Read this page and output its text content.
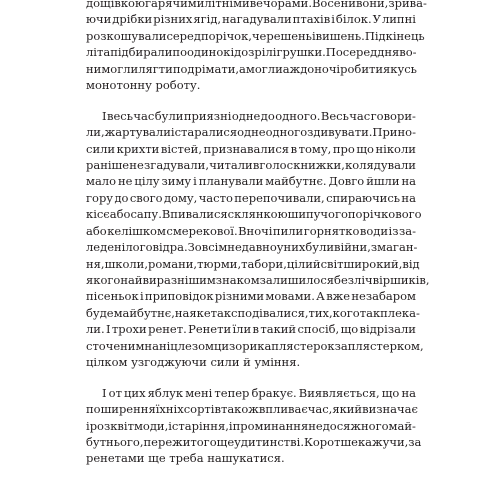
дощівкою гарячими літніми вечорами. Восени вони, зрива-
ючи дрібки різних ягід, нагадували птахів і білок. У липні
розкошували серед порічок, черешень і вишень. Під кінець
літа підбирали поодинокі дозрілі грушки. Посеред дня во-
ни могли лягти подрімати, а могли аж до ночі робити якусь
монотонну роботу.
І весь час були приязні одне до одного. Весь час говори-
ли, жартували і старалися одне одного здивувати. Прино-
сили крихти вістей, признавалися в тому, про що ніколи
раніше не згадували, читали вголос книжки, колядували
мало не цілу зиму і планували майбутнє. Довго йшли на
гору до свого дому, часто перепочивали, спираючись на
кісє або сапу. Впивалися склянкою шипучого порічкового
або келішком смерекової. Вночі пили горнятко води із за-
леденілого відра. Зовсім недавно у них були війни, змаган-
ня, школи, романи, тюрми, табори, цілий світ широкий, від
якого найвиразнішим знаком залишилося безліч віршиків,
пісеньок і приповідок різними мовами. А вже незабаром
буде майбутнє, на яке так сподівалися, тих, кого так плека-
ли. І трохи ренет. Ренети їли в такий спосіб, що відрізали
сточеним на ніц лезом цизорика плястерок за плястерком,
цілком узгоджуючи сили й уміння.
І от цих яблук мені тепер бракує. Виявляється, що на
поширення їхніх сортів також впливає час, який визначає
і розквіт моди, і старіння, і проминання недосяжного май-
бутнього, пережитого ще у дитинстві. Коротше кажучи, за
ренетами ще треба нашукатися.
